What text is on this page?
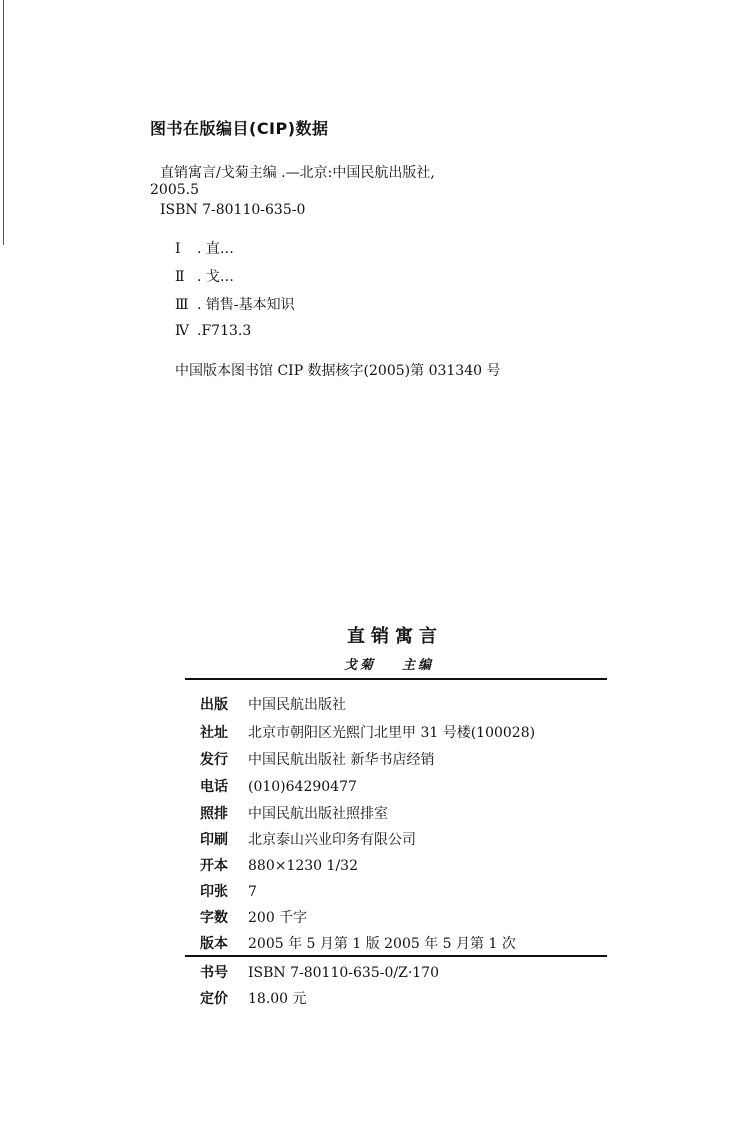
图书在版编目(CIP)数据
直销寓言/戈菊主编 .—北京:中国民航出版社,
2005.5
ISBN 7-80110-635-0
Ⅰ . 直…
Ⅱ . 戈…
Ⅲ . 销售-基本知识
Ⅳ .F713.3
中国版本图书馆 CIP 数据核字(2005)第 031340 号
直销寓言
戈菊 主编
出版 中国民航出版社
社址 北京市朝阳区光熙门北里甲 31 号楼(100028)
发行 中国民航出版社 新华书店经销
电话 (010)64290477
照排 中国民航出版社照排室
印刷 北京泰山兴业印务有限公司
开本 880×1230 1/32
印张 7
字数 200 千字
版本 2005 年 5 月第 1 版 2005 年 5 月第 1 次
书号 ISBN 7-80110-635-0/Z·170
定价 18.00 元
